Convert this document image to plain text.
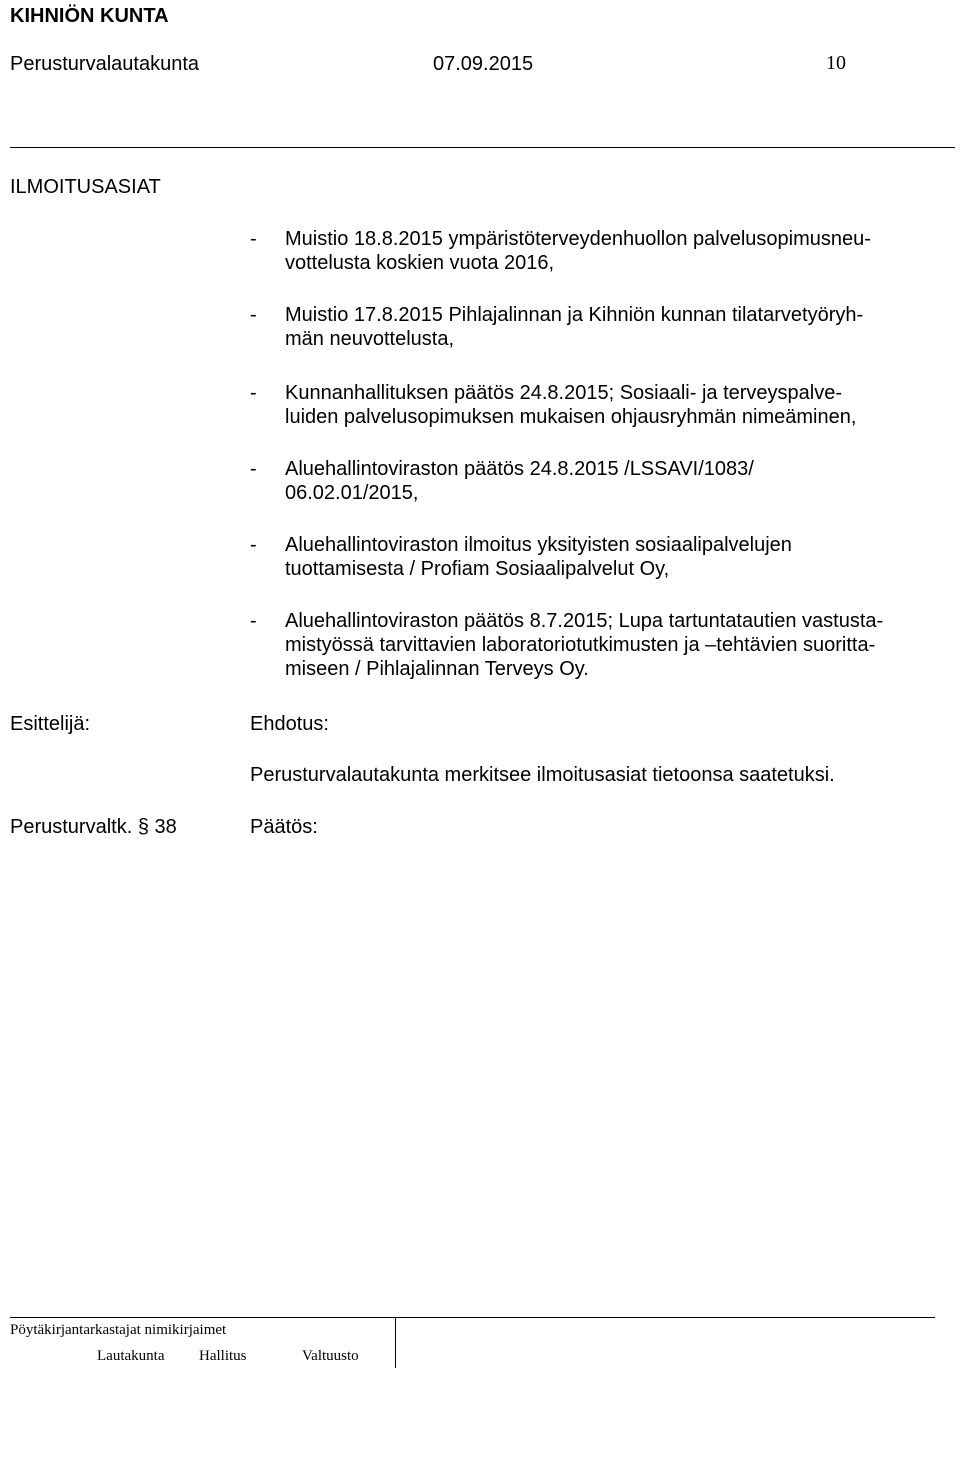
KIHNIÖN KUNTA
Perusturvalautakunta	07.09.2015	10
ILMOITUSASIAT
- Muistio 18.8.2015 ympäristöterveydenhuollon palvelusopimusneu-
vottelusta koskien vuota 2016,
- Muistio 17.8.2015 Pihlajalinnan ja Kihniön kunnan tilatarvetyöryh-
män neuvottelusta,
- Kunnanhallituksen päätös 24.8.2015; Sosiaali- ja terveyspalve-
luiden palvelusopimuksen mukaisen ohjausryhmän nimeäminen,
- Aluehallintoviraston päätös 24.8.2015 /LSSAVI/1083/
06.02.01/2015,
- Aluehallintoviraston ilmoitus yksityisten sosiaalipalvelujen
tuottamisesta / Profiam Sosiaalipalvelut Oy,
- Aluehallintoviraston päätös 8.7.2015; Lupa tartuntatautien vastusta-
mistyössä tarvittavien laboratoriotutkimusten ja –tehtävien suoritta-
miseen / Pihlajalinnan Terveys Oy.
Esittelijä:	Ehdotus:
Perusturvalautakunta merkitsee ilmoitusasiat tietoonsa saatetuksi.
Perusturvaltk. § 38	Päätös:
Pöytäkirjantarkastajat nimikirjaimet
Lautakunta Hallitus	Valtuusto
